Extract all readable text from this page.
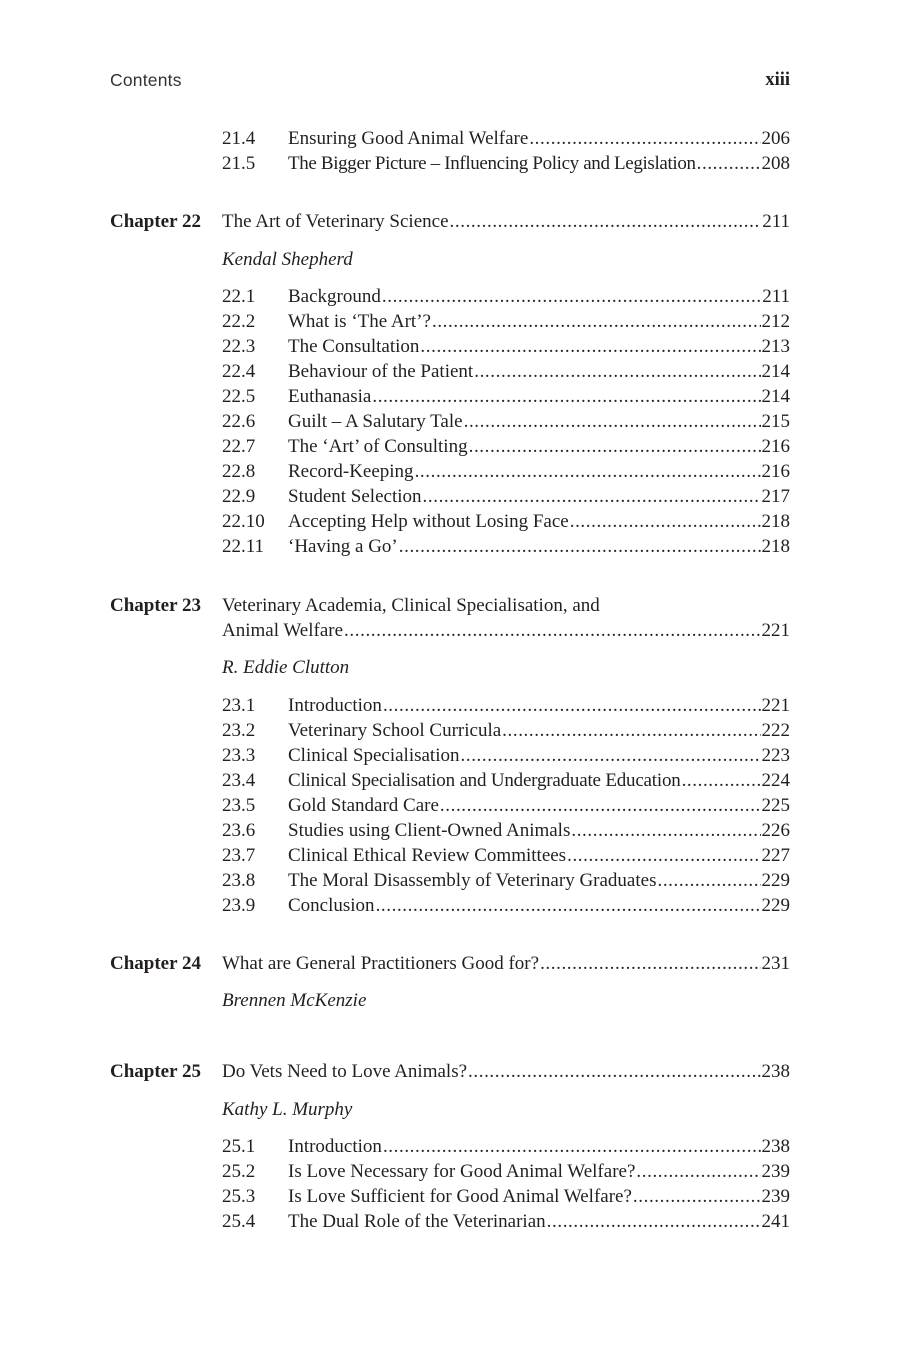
Contents	xiii
21.4 Ensuring Good Animal Welfare .....	206
21.5 The Bigger Picture – Influencing Policy and Legislation .....	208
Chapter 22 The Art of Veterinary Science .....	211
Kendal Shepherd
22.1 Background .....	211
22.2 What is ‘The Art’? .....	212
22.3 The Consultation .....	213
22.4 Behaviour of the Patient .....	214
22.5 Euthanasia .....	214
22.6 Guilt – A Salutary Tale .....	215
22.7 The ‘Art’ of Consulting .....	216
22.8 Record-Keeping .....	216
22.9 Student Selection .....	217
22.10 Accepting Help without Losing Face .....	218
22.11 ‘Having a Go’ .....	218
Chapter 23 Veterinary Academia, Clinical Specialisation, and
Animal Welfare .....	221
R. Eddie Clutton
23.1 Introduction .....	221
23.2 Veterinary School Curricula .....	222
23.3 Clinical Specialisation .....	223
23.4 Clinical Specialisation and Undergraduate Education .....	224
23.5 Gold Standard Care .....	225
23.6 Studies using Client-Owned Animals .....	226
23.7 Clinical Ethical Review Committees .....	227
23.8 The Moral Disassembly of Veterinary Graduates .....	229
23.9 Conclusion .....	229
Chapter 24 What are General Practitioners Good for? .....	231
Brennen McKenzie
Chapter 25 Do Vets Need to Love Animals? .....	238
Kathy L. Murphy
25.1 Introduction .....	238
25.2 Is Love Necessary for Good Animal Welfare? .....	239
25.3 Is Love Sufficient for Good Animal Welfare? .....	239
25.4 The Dual Role of the Veterinarian .....	241
